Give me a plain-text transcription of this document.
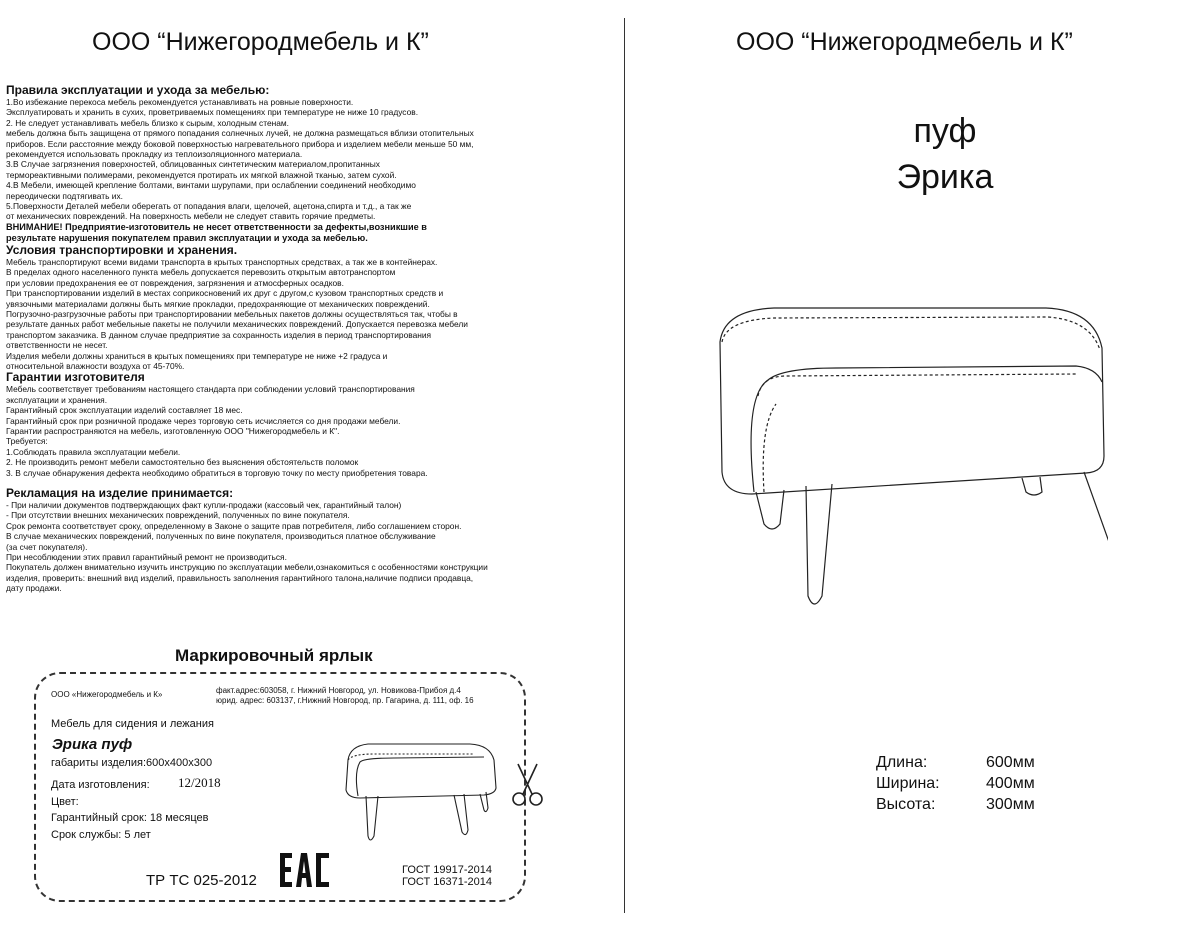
ООО “Нижегородмебель и К”	ООО “Нижегородмебель и К”
Правила эксплуатации и ухода за мебелью:
1.Во избежание перекоса мебель рекомендуется устанавливать на ровные поверхности.
Эксплуатировать и хранить в сухих, проветриваемых помещениях при температуре не ниже 10 градусов.
2. Не следует устанавливать мебель близко к сырым, холодным стенам.
мебель должна быть защищена от прямого попадания солнечных лучей, не должна размещаться вблизи отопительных
приборов. Если расстояние между боковой поверхностью нагревательного прибора и изделием мебели меньше 50 мм,
рекомендуется использовать прокладку из теплоизоляционного материала.
3.В Случае загрязнения поверхностей, облицованных синтетическим материалом,пропитанных
термореактивными полимерами, рекомендуется протирать их мягкой влажной тканью, затем сухой.
4.В Мебели, имеющей крепление болтами, винтами шурупами, при ослаблении соединений необходимо
переодически подтягивать их.
5.Поверхности Деталей мебели оберегать от попадания влаги, щелочей, ацетона,спирта и т.д., а так же
от механических повреждений. На поверхность мебели не следует ставить горячие предметы.
ВНИМАНИЕ! Предприятие-изготовитель не несет ответственности за дефекты,возникшие в
результате нарушения покупателем правил эксплуатации и ухода за мебелью.
Условия транспортировки и хранения.
Мебель транспортируют всеми видами транспорта в крытых транспортных средствах, а так же в контейнерах.
В пределах одного населенного пункта мебель допускается перевозить открытым автотранспортом
при условии предохранения ее от повреждения, загрязнения и атмосферных осадков.
При транспортировании изделий в местах соприкосновений их друг с другом,с кузовом транспортных средств и
увязочными материалами должны быть мягкие прокладки, предохраняющие от механических повреждений.
Погрузочно-разгрузочные работы при транспортировании мебельных пакетов должны осуществляться так, чтобы в
результате данных работ мебельные пакеты не получили механических повреждений. Допускается перевозка мебели
транспортом заказчика. В данном случае предприятие за сохранность изделия в период транспортирования
ответственности не несет.
Изделия мебели должны храниться в крытых помещениях при температуре не ниже +2 градуса и
относительной влажности воздуха от 45-70%.
Гарантии изготовителя
Мебель соответствует требованиям настоящего стандарта при соблюдении условий транспортирования
эксплуатации и хранения.
Гарантийный срок эксплуатации изделий составляет 18 мес.
Гарантийный срок при розничной продаже через торговую сеть исчисляется со дня продажи мебели.
Гарантии распространяются на мебель, изготовленную ООО "Нижегородмебель и К".
Требуется:
1.Соблюдать правила эксплуатации мебели.
2. Не производить ремонт мебели самостоятельно без выяснения обстоятельств поломок
3. В случае обнаружения дефекта необходимо обратиться в торговую точку по месту приобретения товара.
Рекламация на изделие принимается:
- При наличии документов подтверждающих факт купли-продажи (кассовый чек, гарантийный талон)
- При отсутствии внешних механических повреждений, полученных по вине покупателя.
Срок ремонта соответствует сроку, определенному в Законе о защите прав потребителя, либо соглашением сторон.
В случае механических повреждений, полученных по вине покупателя, производиться платное обслуживание
(за счет покупателя).
При несоблюдении этих правил гарантийный ремонт не производиться.
Покупатель должен внимательно изучить инструкцию по эксплуатации мебели,ознакомиться с особенностями конструкции
изделия, проверить: внешний вид изделий, правильность заполнения гарантийного талона,наличие подписи продавца,
дату продажи.
Маркировочный ярлык
ООО «Нижегородмебель и К»	факт.адрес:603058, г. Нижний Новгород, ул. Новикова-Прибоя д.4
юрид. адрес: 603137, г.Нижний Новгород, пр. Гагарина, д. 111, оф. 16
Мебель для сидения и лежания
Эрика пуф
габариты изделия:600х400х300
Дата изготовления: 12/2018
Цвет:
Гарантийный срок: 18 месяцев
Срок службы: 5 лет
ТР ТС 025-2012
ГОСТ 19917-2014
ГОСТ 16371-2014
пуф
Эрика
Длина:	600мм
Ширина:	400мм
Высота:	300мм
